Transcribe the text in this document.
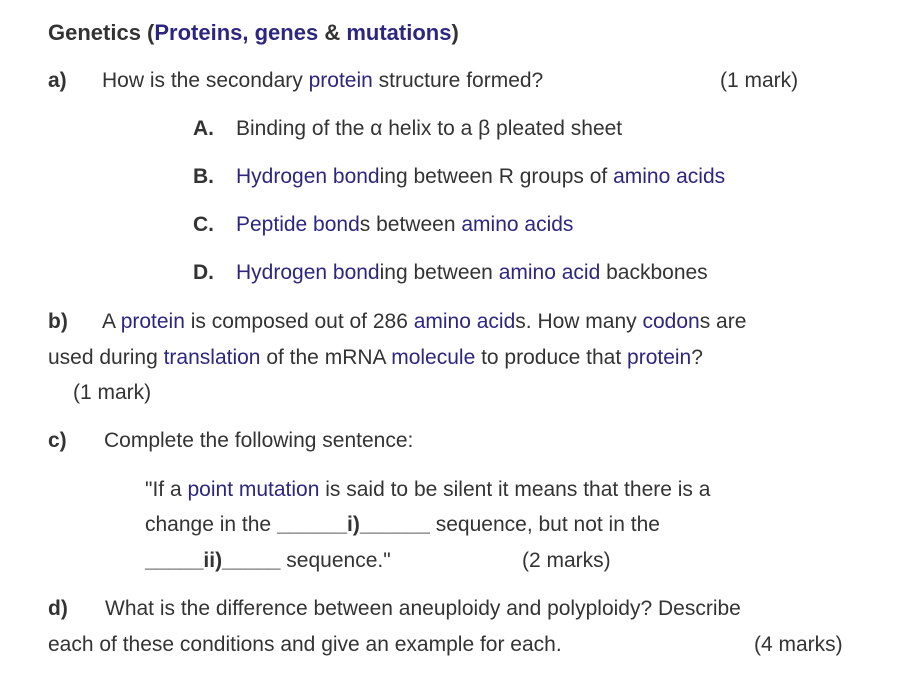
Genetics (Proteins, genes & mutations)
a) How is the secondary protein structure formed?	(1 mark)
A. Binding of the α helix to a β pleated sheet
B. Hydrogen bonding between R groups of amino acids
C. Peptide bonds between amino acids
D. Hydrogen bonding between amino acid backbones
b) A protein is composed out of 286 amino acids. How many codons are
used during translation of the mRNA molecule to produce that protein?
(1 mark)
c) Complete the following sentence:
"If a point mutation is said to be silent it means that there is a
change in the ______i)______ sequence, but not in the
_____ii)_____ sequence."	(2 marks)
d) What is the difference between aneuploidy and polyploidy? Describe
each of these conditions and give an example for each.	(4 marks)
